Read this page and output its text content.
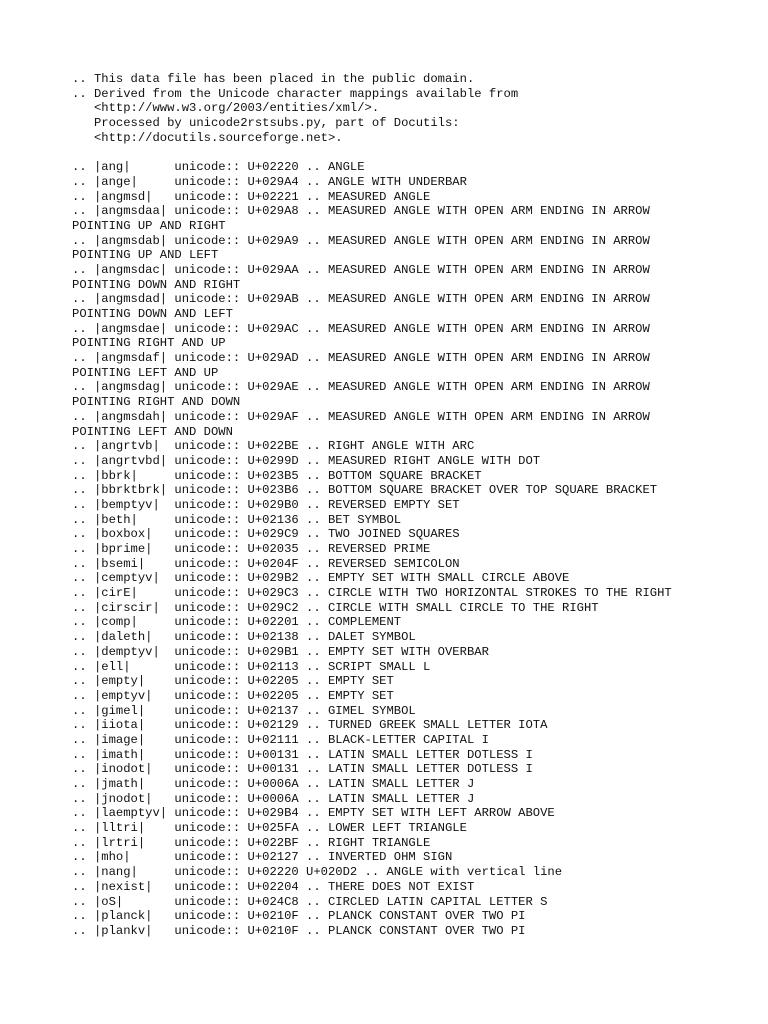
.. This data file has been placed in the public domain.
.. Derived from the Unicode character mappings available from
<http://www.w3.org/2003/entities/xml/>.
Processed by unicode2rstsubs.py, part of Docutils:
<http://docutils.sourceforge.net>.
.. |ang|      unicode:: U+02220 .. ANGLE
.. |ange|     unicode:: U+029A4 .. ANGLE WITH UNDERBAR
.. |angmsd|   unicode:: U+02221 .. MEASURED ANGLE
.. |angmsdaa| unicode:: U+029A8 .. MEASURED ANGLE WITH OPEN ARM ENDING IN ARROW
POINTING UP AND RIGHT
.. |angmsdab| unicode:: U+029A9 .. MEASURED ANGLE WITH OPEN ARM ENDING IN ARROW
POINTING UP AND LEFT
.. |angmsdac| unicode:: U+029AA .. MEASURED ANGLE WITH OPEN ARM ENDING IN ARROW
POINTING DOWN AND RIGHT
.. |angmsdad| unicode:: U+029AB .. MEASURED ANGLE WITH OPEN ARM ENDING IN ARROW
POINTING DOWN AND LEFT
.. |angmsdae| unicode:: U+029AC .. MEASURED ANGLE WITH OPEN ARM ENDING IN ARROW
POINTING RIGHT AND UP
.. |angmsdaf| unicode:: U+029AD .. MEASURED ANGLE WITH OPEN ARM ENDING IN ARROW
POINTING LEFT AND UP
.. |angmsdag| unicode:: U+029AE .. MEASURED ANGLE WITH OPEN ARM ENDING IN ARROW
POINTING RIGHT AND DOWN
.. |angmsdah| unicode:: U+029AF .. MEASURED ANGLE WITH OPEN ARM ENDING IN ARROW
POINTING LEFT AND DOWN
.. |angrtvb|  unicode:: U+022BE .. RIGHT ANGLE WITH ARC
.. |angrtvbd| unicode:: U+0299D .. MEASURED RIGHT ANGLE WITH DOT
.. |bbrk|     unicode:: U+023B5 .. BOTTOM SQUARE BRACKET
.. |bbrktbrk| unicode:: U+023B6 .. BOTTOM SQUARE BRACKET OVER TOP SQUARE BRACKET
.. |bemptyv|  unicode:: U+029B0 .. REVERSED EMPTY SET
.. |beth|     unicode:: U+02136 .. BET SYMBOL
.. |boxbox|   unicode:: U+029C9 .. TWO JOINED SQUARES
.. |bprime|   unicode:: U+02035 .. REVERSED PRIME
.. |bsemi|    unicode:: U+0204F .. REVERSED SEMICOLON
.. |cemptyv|  unicode:: U+029B2 .. EMPTY SET WITH SMALL CIRCLE ABOVE
.. |cirE|     unicode:: U+029C3 .. CIRCLE WITH TWO HORIZONTAL STROKES TO THE RIGHT
.. |cirscir|  unicode:: U+029C2 .. CIRCLE WITH SMALL CIRCLE TO THE RIGHT
.. |comp|     unicode:: U+02201 .. COMPLEMENT
.. |daleth|   unicode:: U+02138 .. DALET SYMBOL
.. |demptyv|  unicode:: U+029B1 .. EMPTY SET WITH OVERBAR
.. |ell|      unicode:: U+02113 .. SCRIPT SMALL L
.. |empty|    unicode:: U+02205 .. EMPTY SET
.. |emptyv|   unicode:: U+02205 .. EMPTY SET
.. |gimel|    unicode:: U+02137 .. GIMEL SYMBOL
.. |iiota|    unicode:: U+02129 .. TURNED GREEK SMALL LETTER IOTA
.. |image|    unicode:: U+02111 .. BLACK-LETTER CAPITAL I
.. |imath|    unicode:: U+00131 .. LATIN SMALL LETTER DOTLESS I
.. |inodot|   unicode:: U+00131 .. LATIN SMALL LETTER DOTLESS I
.. |jmath|    unicode:: U+0006A .. LATIN SMALL LETTER J
.. |jnodot|   unicode:: U+0006A .. LATIN SMALL LETTER J
.. |laemptyv| unicode:: U+029B4 .. EMPTY SET WITH LEFT ARROW ABOVE
.. |lltri|    unicode:: U+025FA .. LOWER LEFT TRIANGLE
.. |lrtri|    unicode:: U+022BF .. RIGHT TRIANGLE
.. |mho|      unicode:: U+02127 .. INVERTED OHM SIGN
.. |nang|     unicode:: U+02220 U+020D2 .. ANGLE with vertical line
.. |nexist|   unicode:: U+02204 .. THERE DOES NOT EXIST
.. |oS|       unicode:: U+024C8 .. CIRCLED LATIN CAPITAL LETTER S
.. |planck|   unicode:: U+0210F .. PLANCK CONSTANT OVER TWO PI
.. |plankv|   unicode:: U+0210F .. PLANCK CONSTANT OVER TWO PI
